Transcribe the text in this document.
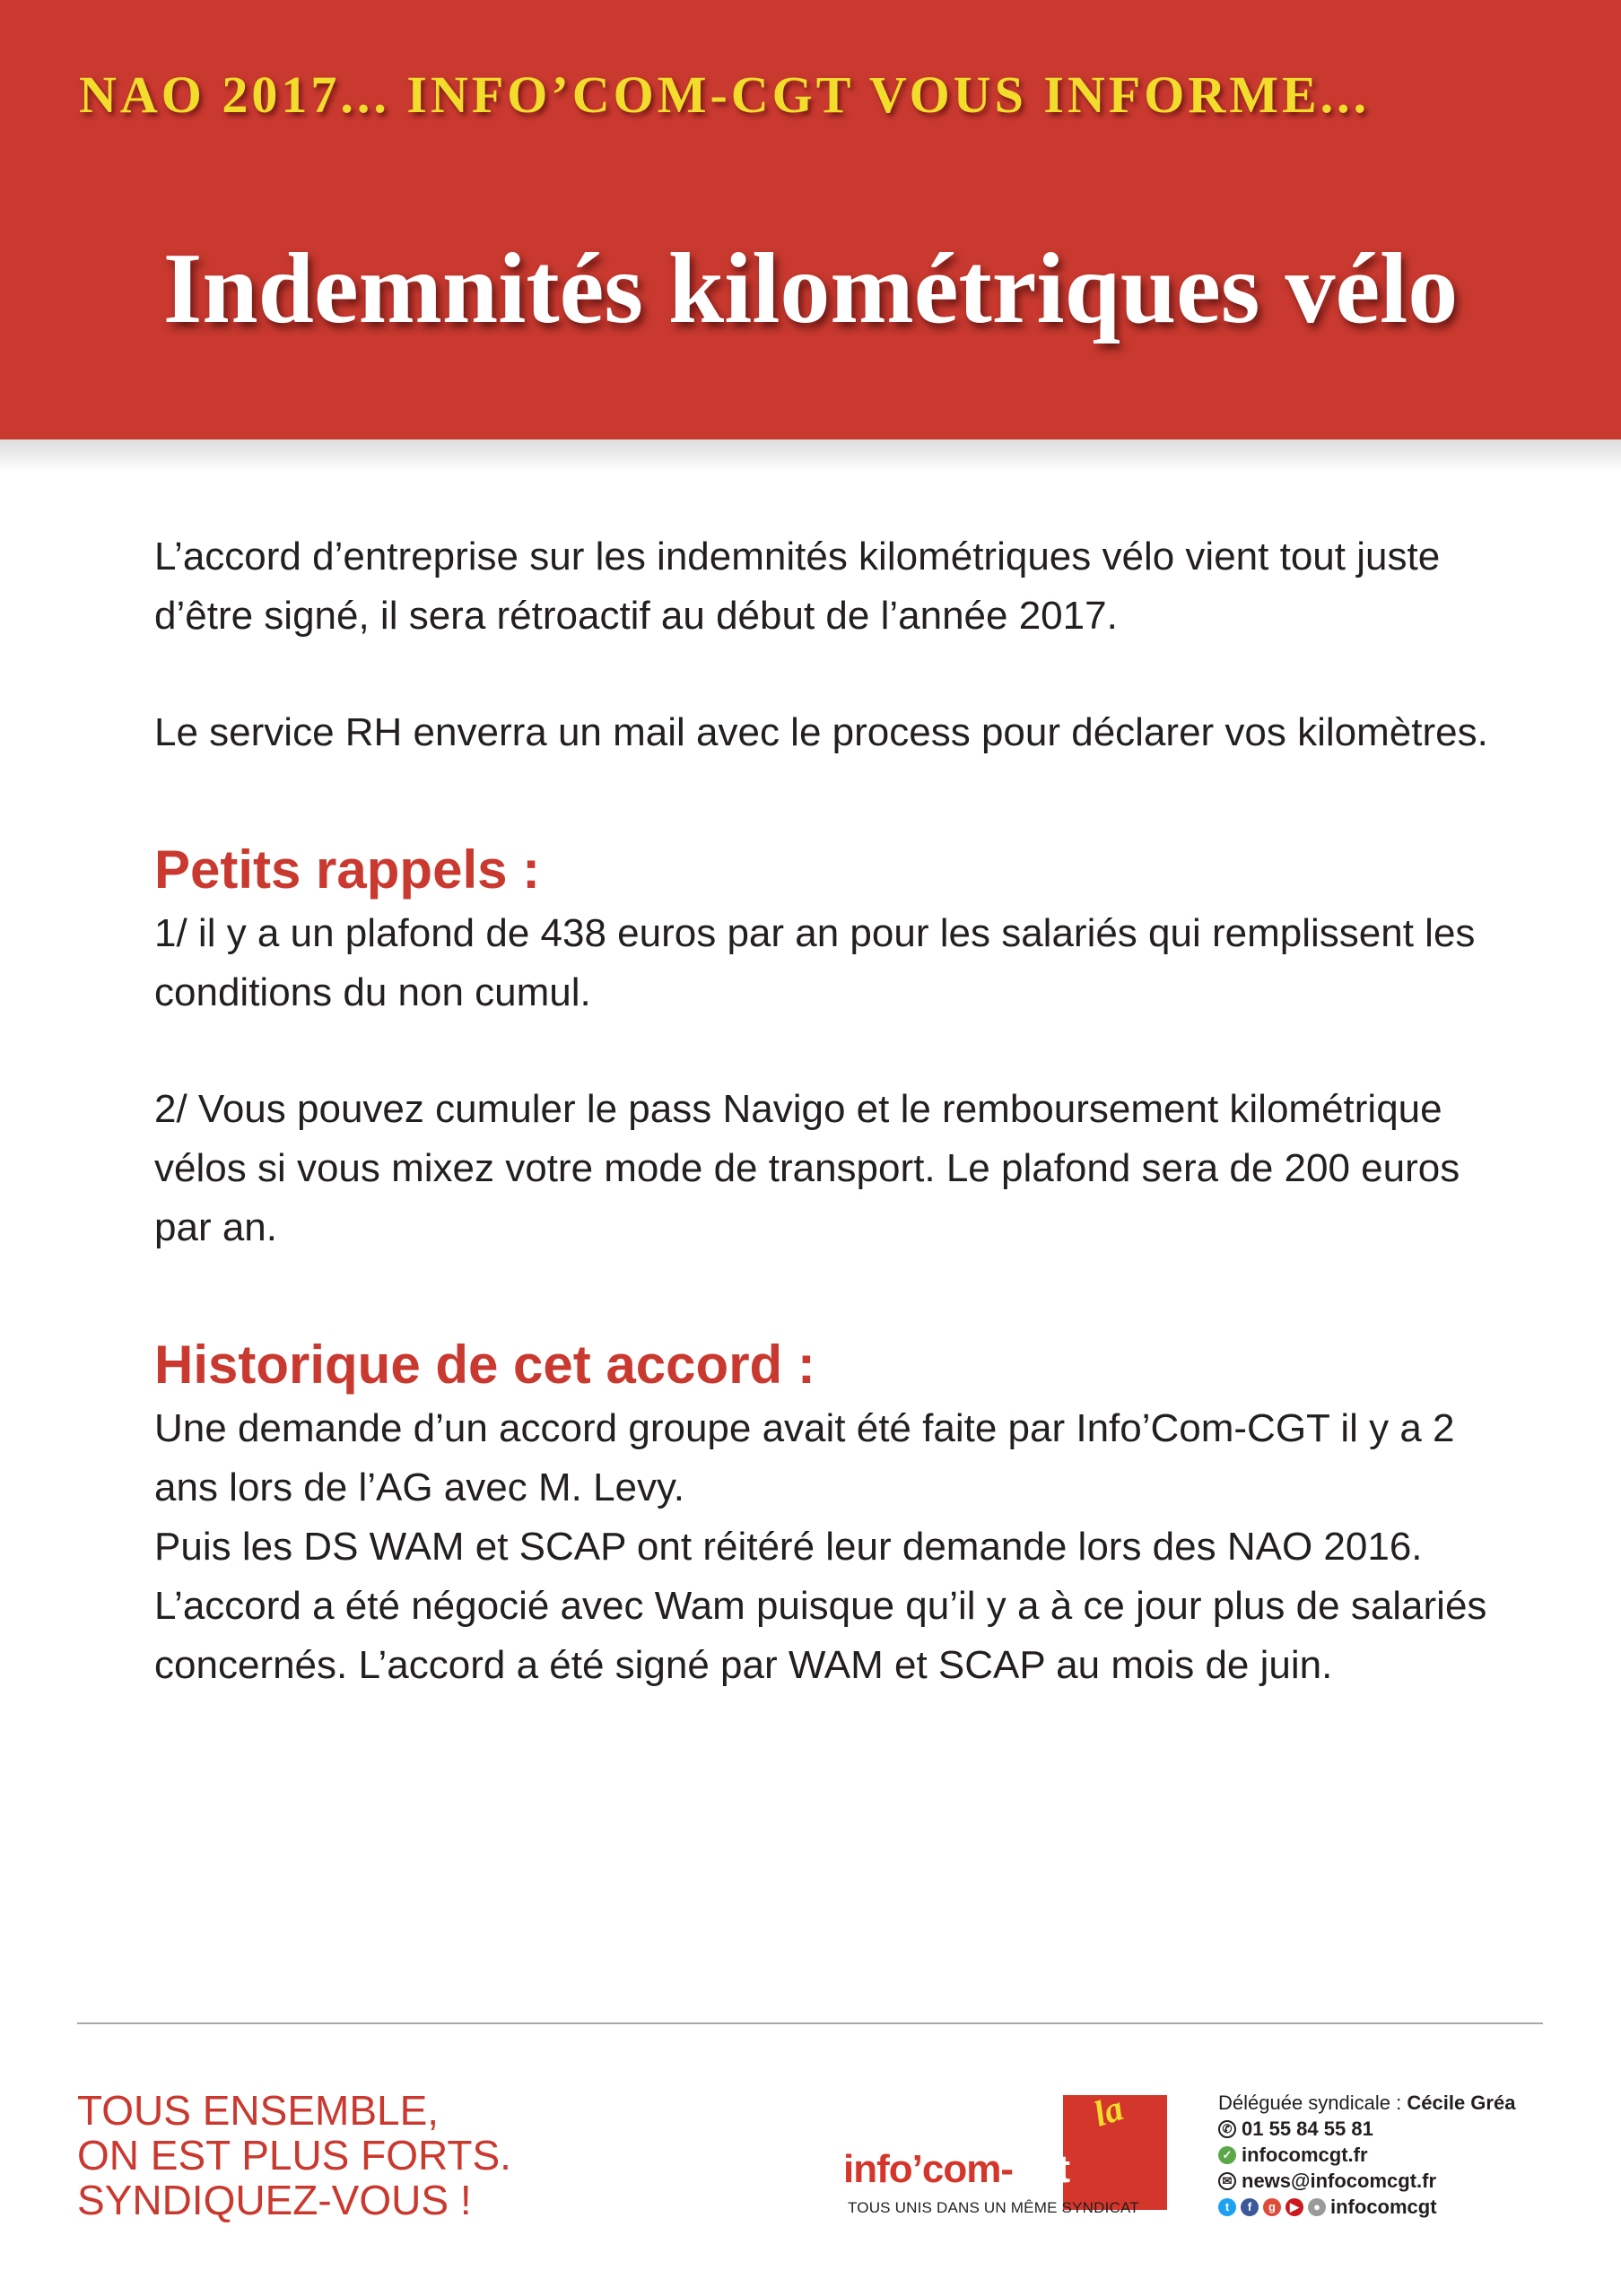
NAO 2017... INFO’COM-CGT VOUS INFORME...
Indemnités kilométriques vélo

L’accord d’entreprise sur les indemnités kilométriques vélo vient tout juste d’être signé, il sera rétroactif au début de l’année 2017.

Le service RH enverra un mail avec le process pour déclarer vos kilomètres.

Petits rappels :

1/ il y a un plafond de 438 euros par an pour les salariés qui remplissent les conditions du non cumul.

2/ Vous pouvez cumuler le pass Navigo et le remboursement kilométrique vélos si vous mixez votre mode de transport. Le plafond sera de 200 euros par an.

Historique de cet accord :

Une demande d’un accord groupe avait été faite par Info’Com-CGT il y a 2 ans lors de l’AG avec M. Levy.

Puis les DS WAM et SCAP ont réitéré leur demande lors des NAO 2016.

L’accord a été négocié avec Wam puisque qu’il y a à ce jour plus de salariés concernés. L’accord a été signé par WAM et SCAP au mois de juin.

TOUS ENSEMBLE,
ON EST PLUS FORTS.
SYNDIQUEZ-VOUS !
la
info’com-cgt
TOUS UNIS DANS UN MÊME SYNDICAT
Déléguée syndicale :
Cécile Gréa
✆ 01 55 84 55 81
✓ infocomcgt.fr
✉ news@infocomcgt.fr
t	f	g	▶	● infocomcgt
